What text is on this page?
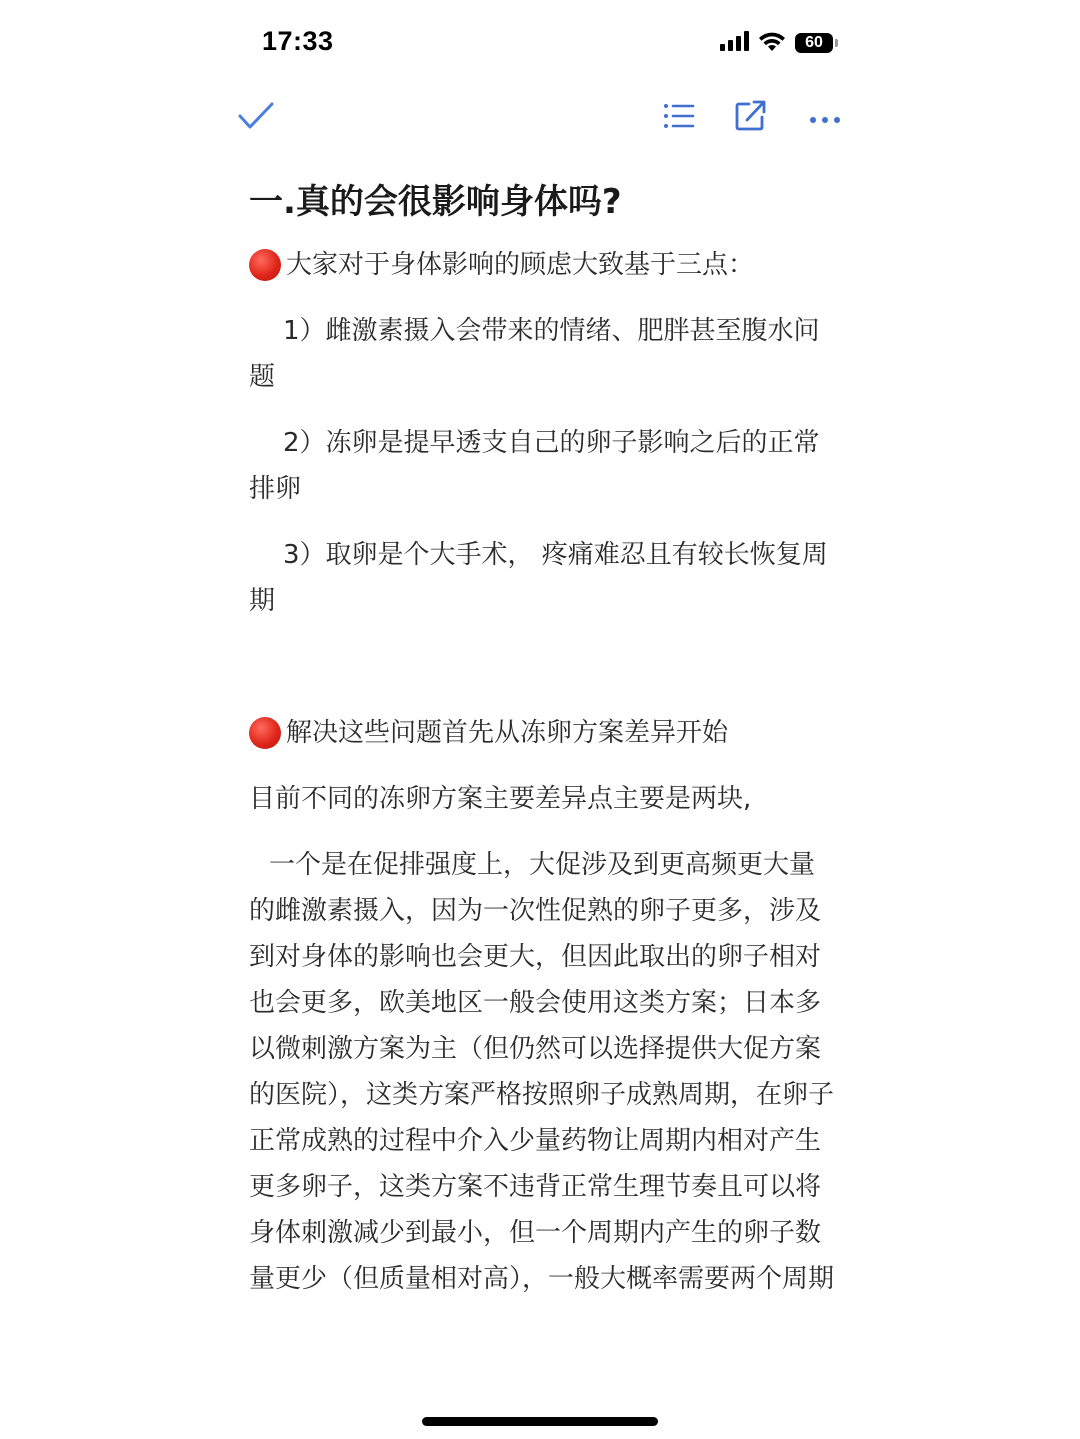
17:33	60
一.真的会很影响身体吗?

大家对于身体影响的顾虑大致基于三点：

1）雌激素摄入会带来的情绪、肥胖甚至腹水问题

2）冻卵是提早透支自己的卵子影响之后的正常排卵

3）取卵是个大手术， 疼痛难忍且有较长恢复周期

解决这些问题首先从冻卵方案差异开始

目前不同的冻卵方案主要差异点主要是两块,

一个是在促排强度上，大促涉及到更高频更大量的雌激素摄入，因为一次性促熟的卵子更多，涉及到对身体的影响也会更大，但因此取出的卵子相对也会更多，欧美地区一般会使用这类方案；日本多以微刺激方案为主（但仍然可以选择提供大促方案的医院），这类方案严格按照卵子成熟周期，在卵子正常成熟的过程中介入少量药物让周期内相对产生更多卵子，这类方案不违背正常生理节奏且可以将身体刺激减少到最小，但一个周期内产生的卵子数量更少（但质量相对高），一般大概率需要两个周期
